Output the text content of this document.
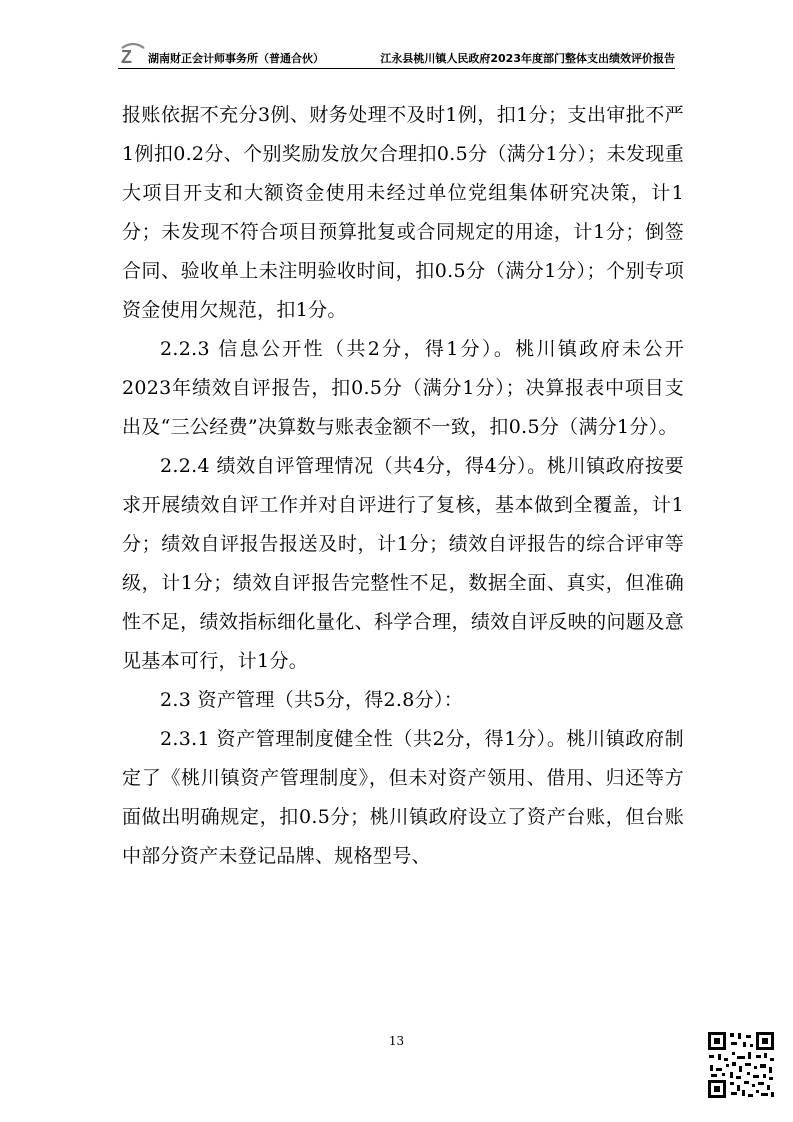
Z 湖南财正会计师事务所（普通合伙）	江永县桃川镇人民政府2023年度部门整体支出绩效评价报告

报账依据不充分3例、财务处理不及时1例，扣1分；支出审批不严1例扣0.2分、个别奖励发放欠合理扣0.5分（满分1分）；未发现重大项目开支和大额资金使用未经过单位党组集体研究决策，计1分；未发现不符合项目预算批复或合同规定的用途，计1分；倒签合同、验收单上未注明验收时间，扣0.5分（满分1分）；个别专项资金使用欠规范，扣1分。

2.2.3 信息公开性（共2分，得1分）。桃川镇政府未公开2023年绩效自评报告，扣0.5分（满分1分）；决算报表中项目支出及“三公经费”决算数与账表金额不一致，扣0.5分（满分1分）。

2.2.4 绩效自评管理情况（共4分，得4分）。桃川镇政府按要求开展绩效自评工作并对自评进行了复核，基本做到全覆盖，计1分；绩效自评报告报送及时，计1分；绩效自评报告的综合评审等级，计1分；绩效自评报告完整性不足，数据全面、真实，但准确性不足，绩效指标细化量化、科学合理，绩效自评反映的问题及意见基本可行，计1分。

2.3 资产管理（共5分，得2.8分）：

2.3.1 资产管理制度健全性（共2分，得1分）。桃川镇政府制定了《桃川镇资产管理制度》，但未对资产领用、借用、归还等方面做出明确规定，扣0.5分；桃川镇政府设立了资产台账，但台账中部分资产未登记品牌、规格型号、

13
